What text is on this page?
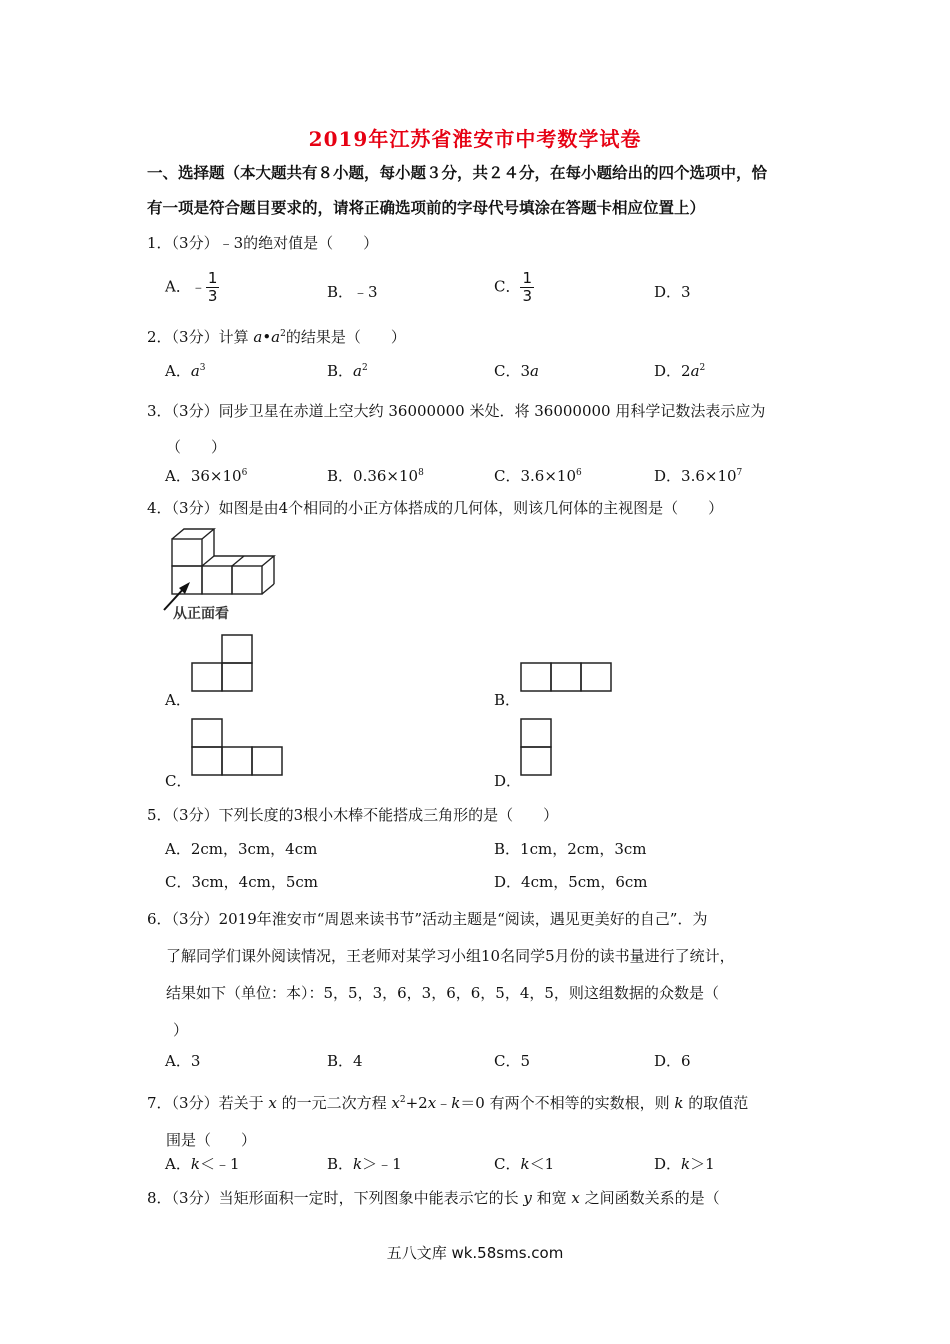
2019年江苏省淮安市中考数学试卷
一、选择题（本大题共有８小题，每小题３分，共２４分，在每小题给出的四个选项中，恰
有一项是符合题目要求的，请将正确选项前的字母代号填涂在答题卡相应位置上）
1．（3分）﹣3的绝对值是（　　）
A．﹣ $\frac{1}{3}$	B．﹣3	C． $\frac{1}{3}$	D．3
2．（3分）计算 $a•a^2$的结果是（　　）
A．$a^3$	B．$a^2$	C．3a	D．$2a^2$
3．（3分）同步卫星在赤道上空大约 36000000 米处．将 36000000 用科学记数法表示应为
（　　）
A．$36\times 10^6$	B．$0.36\times 10^8$	C．$3.6\times 10^6$	D．$3.6\times 10^7$
4．（3分）如图是由4个相同的小正方体搭成的几何体，则该几何体的主视图是（　　）
从正面看
A．	B．
C．	D．
5．（3分）下列长度的3根小木棒不能搭成三角形的是（　　）
A．2cm，3cm，4cm	B．1cm，2cm，3cm
C．3cm，4cm，5cm	D．4cm，5cm，6cm
6．（3分）2019年淮安市“周恩来读书节”活动主题是“阅读，遇见更美好的自己”．为
了解同学们课外阅读情况，王老师对某学习小组10名同学5月份的读书量进行了统计，
结果如下（单位：本）：5，5，3，6，3，6，6，5，4，5，则这组数据的众数是（
）
A．3	B．4	C．5	D．6
7．（3分）若关于 x 的一元二次方程 $x^2+2x﹣k=0$ 有两个不相等的实数根，则 k 的取值范
围是（　　）
A．k＜﹣1	B．k＞﹣1	C．k＜1	D．k＞1
8．（3分）当矩形面积一定时，下列图象中能表示它的长 y 和宽 x 之间函数关系的是（
五八文库 wk.58sms.com
